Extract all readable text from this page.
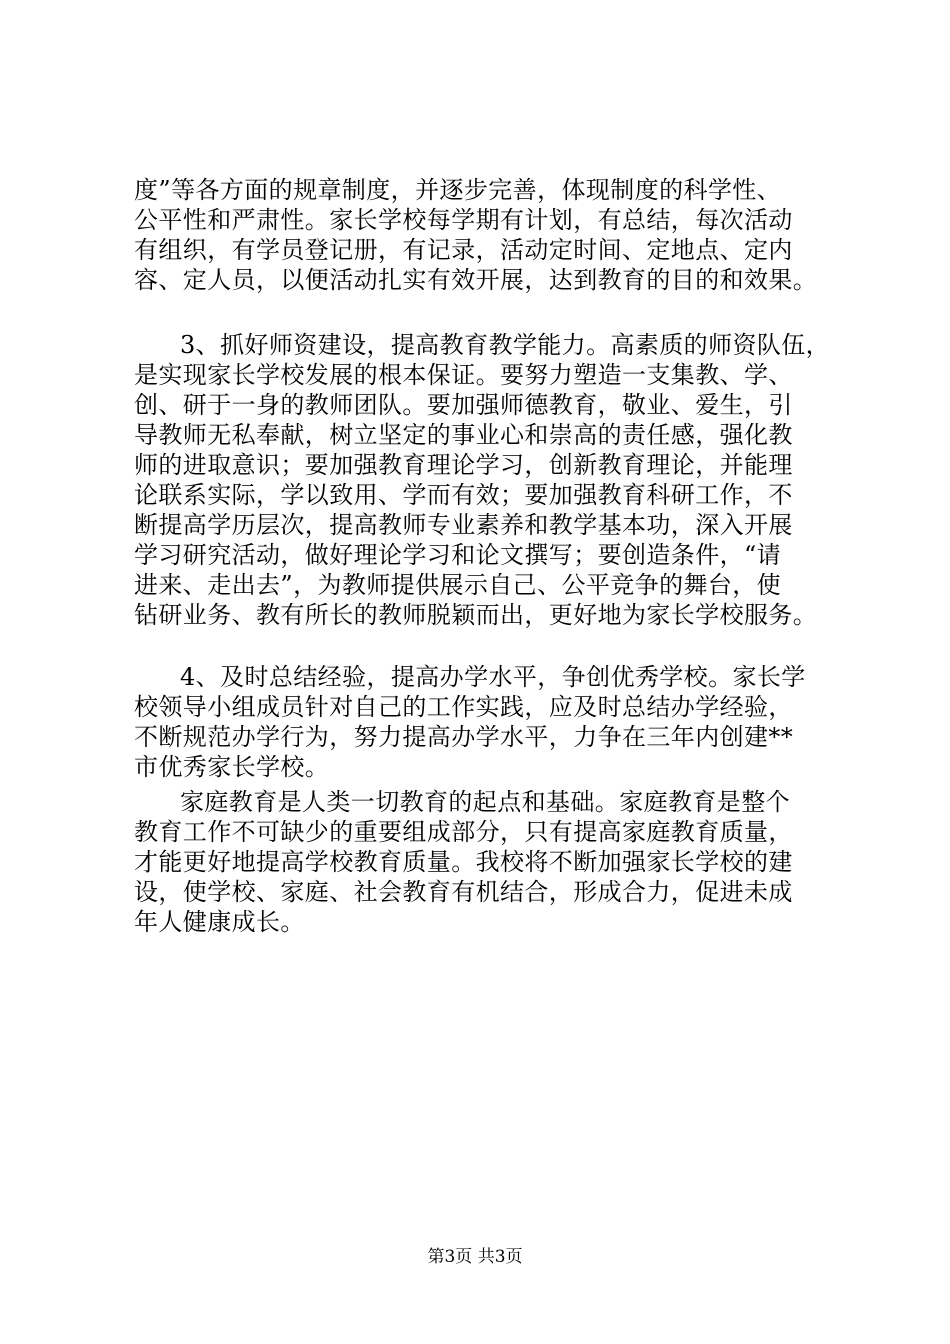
度”等各方面的规章制度，并逐步完善，体现制度的科学性、
公平性和严肃性。家长学校每学期有计划，有总结，每次活动
有组织，有学员登记册，有记录，活动定时间、定地点、定内
容、定人员，以便活动扎实有效开展，达到教育的目的和效果。
3、抓好师资建设，提高教育教学能力。高素质的师资队伍，
是实现家长学校发展的根本保证。要努力塑造一支集教、学、
创、研于一身的教师团队。要加强师德教育，敬业、爱生，引
导教师无私奉献，树立坚定的事业心和崇高的责任感，强化教
师的进取意识；要加强教育理论学习，创新教育理论，并能理
论联系实际，学以致用、学而有效；要加强教育科研工作，不
断提高学历层次，提高教师专业素养和教学基本功，深入开展
学习研究活动，做好理论学习和论文撰写；要创造条件，“请
进来、走出去”，为教师提供展示自己、公平竞争的舞台，使
钻研业务、教有所长的教师脱颖而出，更好地为家长学校服务。
4、及时总结经验，提高办学水平，争创优秀学校。家长学
校领导小组成员针对自己的工作实践，应及时总结办学经验，
不断规范办学行为，努力提高办学水平，力争在三年内创建**
市优秀家长学校。
家庭教育是人类一切教育的起点和基础。家庭教育是整个
教育工作不可缺少的重要组成部分，只有提高家庭教育质量，
才能更好地提高学校教育质量。我校将不断加强家长学校的建
设，使学校、家庭、社会教育有机结合，形成合力，促进未成
年人健康成长。
第3页 共3页
